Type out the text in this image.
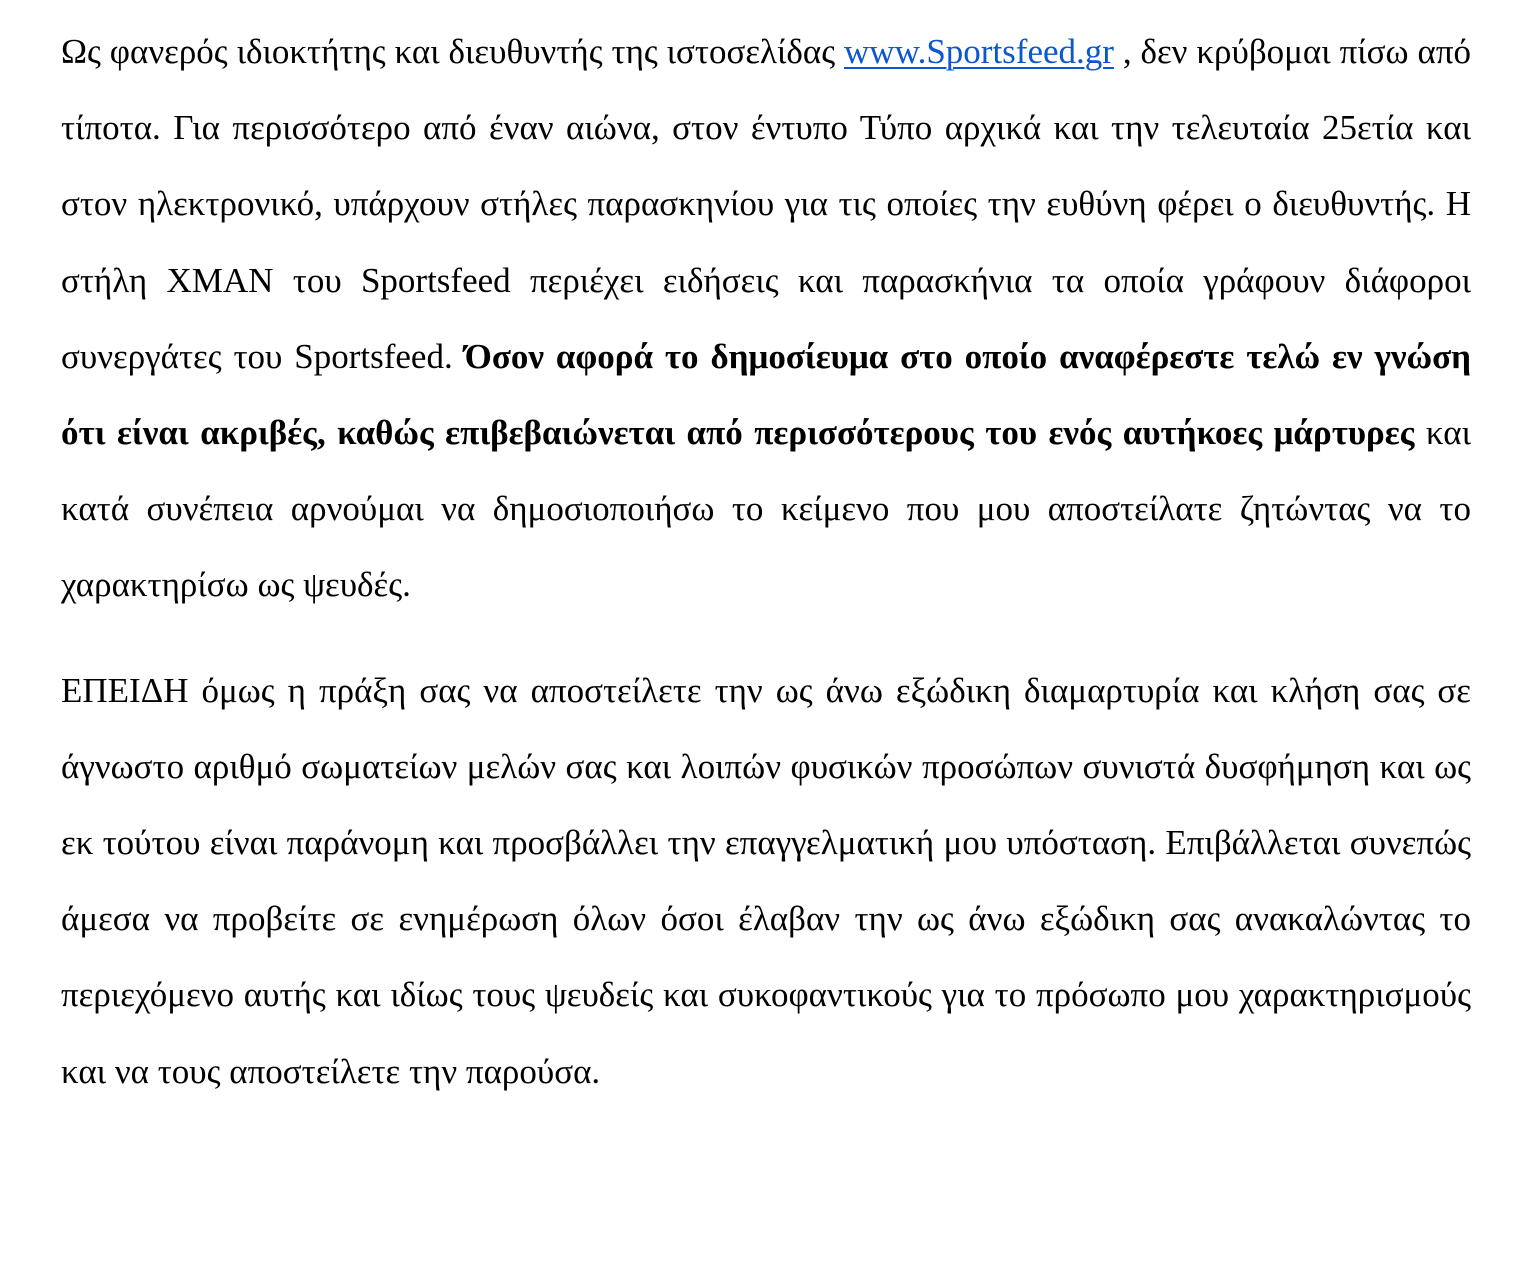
Ως φανερός ιδιοκτήτης και διευθυντής της ιστοσελίδας www.Sportsfeed.gr , δεν κρύβομαι πίσω από τίποτα. Για περισσότερο από έναν αιώνα, στον έντυπο Τύπο αρχικά και την τελευταία 25ετία και στον ηλεκτρονικό, υπάρχουν στήλες παρασκηνίου για τις οποίες την ευθύνη φέρει ο διευθυντής. Η στήλη XMAN του Sportsfeed περιέχει ειδήσεις και παρασκήνια τα οποία γράφουν διάφοροι συνεργάτες του Sportsfeed. Όσον αφορά το δημοσίευμα στο οποίο αναφέρεστε τελώ εν γνώση ότι είναι ακριβές, καθώς επιβεβαιώνεται από περισσότερους του ενός αυτήκοες μάρτυρες και κατά συνέπεια αρνούμαι να δημοσιοποιήσω το κείμενο που μου αποστείλατε ζητώντας να το χαρακτηρίσω ως ψευδές.

ΕΠΕΙΔΗ όμως η πράξη σας να αποστείλετε την ως άνω εξώδικη διαμαρτυρία και κλήση σας σε άγνωστο αριθμό σωματείων μελών σας και λοιπών φυσικών προσώπων συνιστά δυσφήμηση και ως εκ τούτου είναι παράνομη και προσβάλλει την επαγγελματική μου υπόσταση. Επιβάλλεται συνεπώς άμεσα να προβείτε σε ενημέρωση όλων όσοι έλαβαν την ως άνω εξώδικη σας ανακαλώντας το περιεχόμενο αυτής και ιδίως τους ψευδείς και συκοφαντικούς για το πρόσωπο μου χαρακτηρισμούς και να τους αποστείλετε την παρούσα.
